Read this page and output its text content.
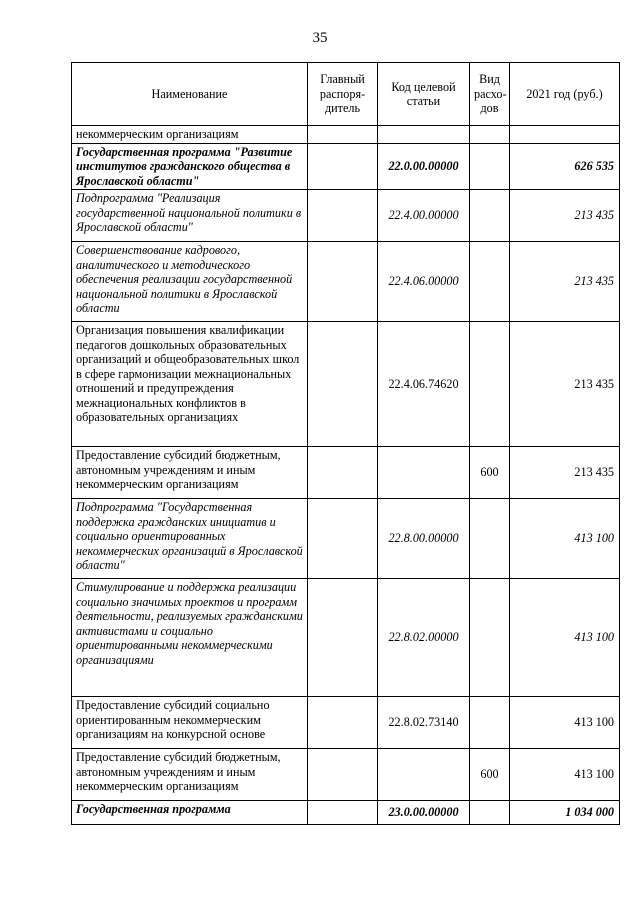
35
Наименование	Главный распоря-дитель	Код целевой статьи	Вид расхо-дов	2021 год (руб.)
некоммерческим организациям				
Государственная программа "Развитие институтов гражданского общества в Ярославской области"		22.0.00.00000		626 535
Подпрограмма "Реализация государственной национальной политики в Ярославской области"		22.4.00.00000		213 435
Совершенствование кадрового, аналитического и методического обеспечения реализации государственной национальной политики в Ярославской области		22.4.06.00000		213 435
Организация повышения квалификации педагогов дошкольных образовательных организаций и общеобразовательных школ в сфере гармонизации межнациональных отношений и предупреждения межнациональных конфликтов в образовательных организациях		22.4.06.74620		213 435
Предоставление субсидий бюджетным, автономным учреждениям и иным некоммерческим организациям			600	213 435
Подпрограмма "Государственная поддержка гражданских инициатив и социально ориентированных некоммерческих организаций в Ярославской области"		22.8.00.00000		413 100
Стимулирование и поддержка реализации социально значимых проектов и программ деятельности, реализуемых гражданскими активистами и социально ориентированными некоммерческими организациями		22.8.02.00000		413 100
Предоставление субсидий социально ориентированным некоммерческим организациям на конкурсной основе		22.8.02.73140		413 100
Предоставление субсидий бюджетным, автономным учреждениям и иным некоммерческим организациям			600	413 100
Государственная программа		23.0.00.00000		1 034 000
